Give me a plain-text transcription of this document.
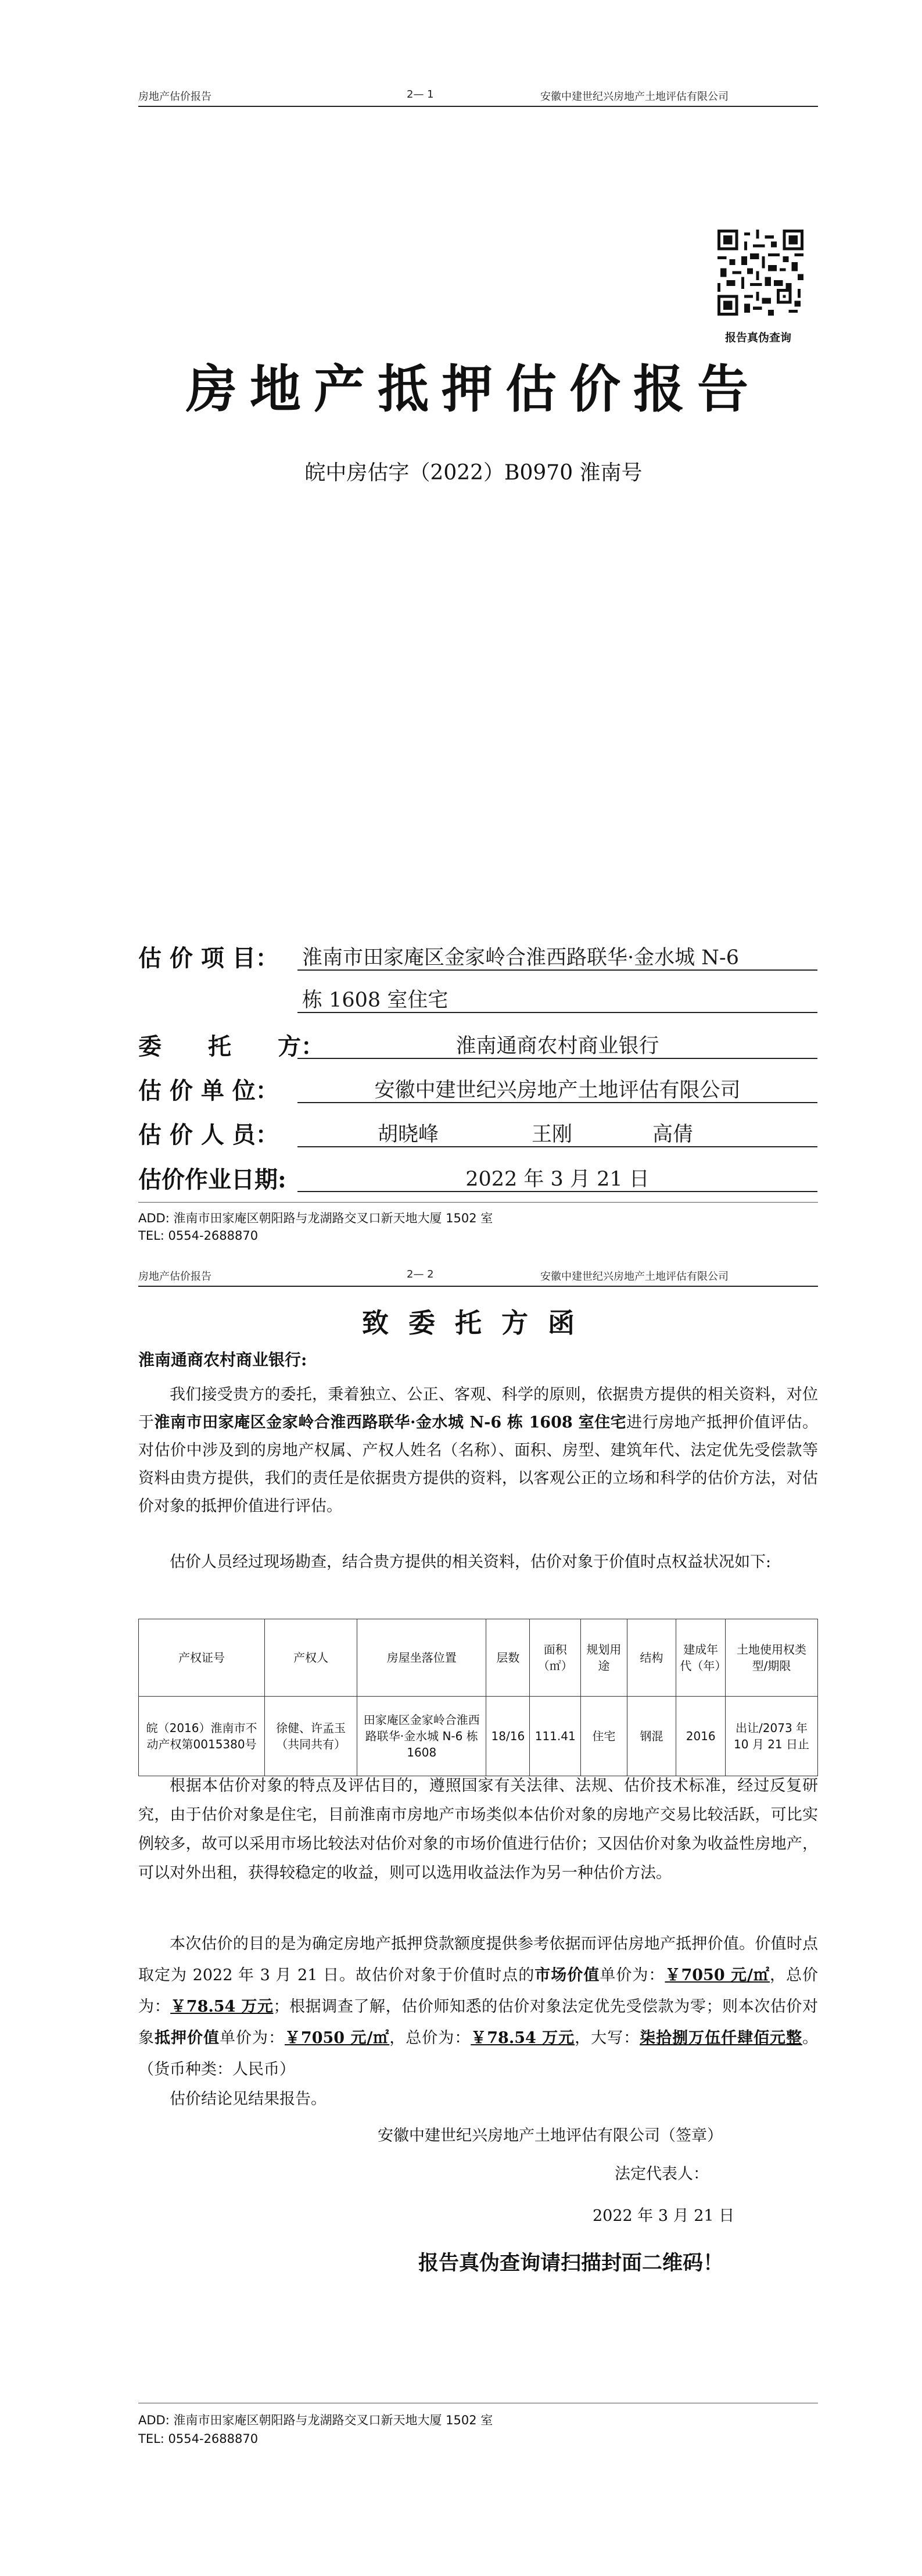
房地产估价报告	2— 1	安徽中建世纪兴房地产土地评估有限公司
报告真伪查询
房地产抵押估价报告
皖中房估字（2022）B0970 淮南号
估 价 项 目： 淮南市田家庵区金家岭合淮西路联华·金水城 N-6
栋 1608 室住宅
委　　托　　方：	淮南通商农村商业银行
估 价 单 位：	安徽中建世纪兴房地产土地评估有限公司
估 价 人 员：	胡晓峰	王刚	高倩
估价作业日期:	2022 年 3 月 21 日
ADD: 淮南市田家庵区朝阳路与龙湖路交叉口新天地大厦 1502 室
TEL: 0554-2688870
房地产估价报告	2— 2	安徽中建世纪兴房地产土地评估有限公司
致委托方函
淮南通商农村商业银行:
我们接受贵方的委托，秉着独立、公正、客观、科学的原则，依据贵方提供的相关资料，对位于淮南市田家庵区金家岭合淮西路联华·金水城 N-6 栋 1608 室住宅进行房地产抵押价值评估。对估价中涉及到的房地产权属、产权人姓名（名称）、面积、房型、建筑年代、法定优先受偿款等资料由贵方提供，我们的责任是依据贵方提供的资料，以客观公正的立场和科学的估价方法，对估价对象的抵押价值进行评估。
估价人员经过现场勘查，结合贵方提供的相关资料，估价对象于价值时点权益状况如下:
产权证号	产权人	房屋坐落位置	层数	面积（㎡）	规划用途	结构	建成年代（年）	土地使用权类型/期限
皖（2016）淮南市不动产权第0015380号	徐健、许孟玉（共同共有）	田家庵区金家岭合淮西路联华·金水城 N-6 栋 1608	18/16	111.41	住宅	钢混	2016	出让/2073 年 10 月 21 日止
根据本估价对象的特点及评估目的，遵照国家有关法律、法规、估价技术标准，经过反复研究，由于估价对象是住宅，目前淮南市房地产市场类似本估价对象的房地产交易比较活跃，可比实例较多，故可以采用市场比较法对估价对象的市场价值进行估价；又因估价对象为收益性房地产，可以对外出租，获得较稳定的收益，则可以选用收益法作为另一种估价方法。
本次估价的目的是为确定房地产抵押贷款额度提供参考依据而评估房地产抵押价值。价值时点取定为 2022 年 3 月 21 日。故估价对象于价值时点的市场价值单价为：￥7050 元/㎡，总价为：￥78.54 万元；根据调查了解，估价师知悉的估价对象法定优先受偿款为零；则本次估价对象抵押价值单价为：￥7050 元/㎡，总价为：￥78.54 万元，大写：柒拾捌万伍仟肆佰元整。（货币种类：人民币）
估价结论见结果报告。
安徽中建世纪兴房地产土地评估有限公司（签章）
法定代表人：
2022 年 3 月 21 日
报告真伪查询请扫描封面二维码！
ADD: 淮南市田家庵区朝阳路与龙湖路交叉口新天地大厦 1502 室
TEL: 0554-2688870
